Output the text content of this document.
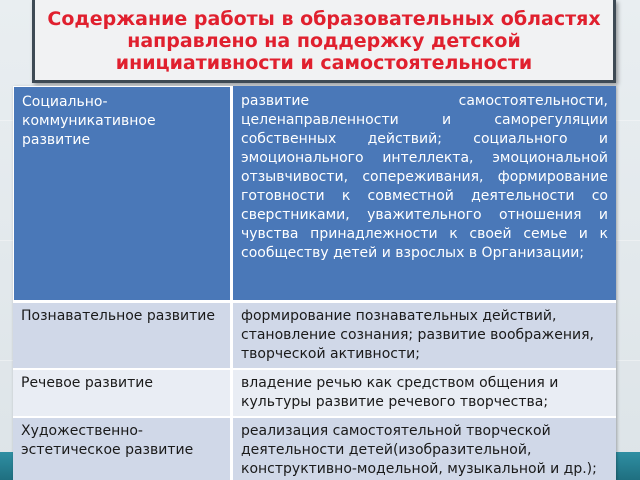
Содержание работы в образовательных областях направлено на поддержку детской инициативности и самостоятельности
Социально-коммуникативное развитие	развитие самостоятельности, целенаправленности и саморегуляции собственных действий; социального и эмоционального интеллекта, эмоциональной отзывчивости, сопереживания, формирование готовности к совместной деятельности со сверстниками, уважительного отношения и чувства принадлежности к своей семье и к сообществу детей и взрослых в Организации;
Познавательное развитие	формирование познавательных действий, становление сознания; развитие воображения, творческой активности;
Речевое развитие	владение речью как средством общения и культуры развитие речевого творчества;
Художественно-эстетическое развитие	реализация самостоятельной творческой деятельности детей(изобразительной, конструктивно-модельной, музыкальной и др.);
